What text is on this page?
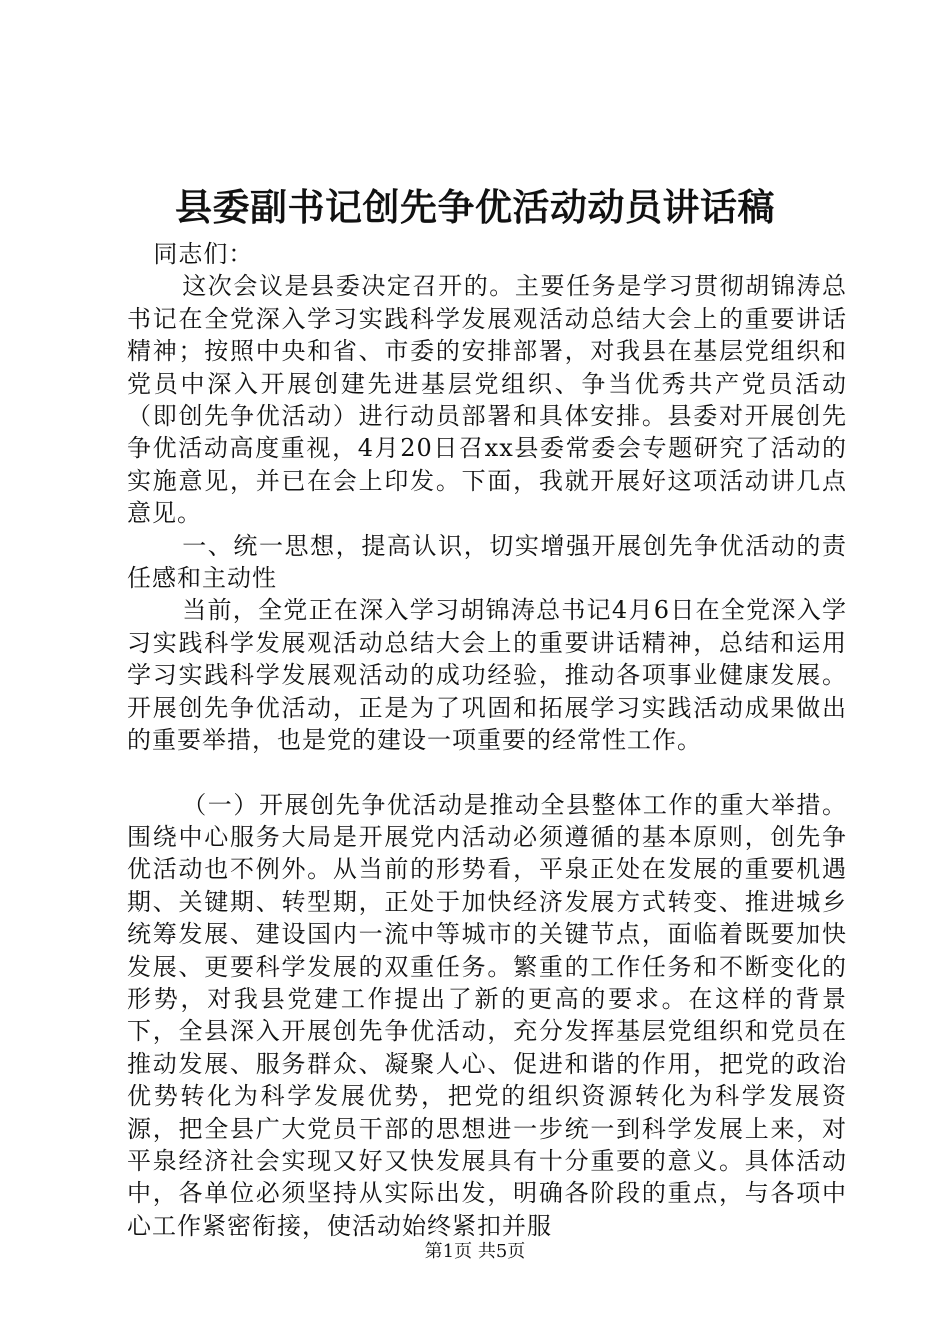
县委副书记创先争优活动动员讲话稿

同志们：

这次会议是县委决定召开的。主要任务是学习贯彻胡锦涛总书记在全党深入学习实践科学发展观活动总结大会上的重要讲话精神；按照中央和省、市委的安排部署，对我县在基层党组织和党员中深入开展创建先进基层党组织、争当优秀共产党员活动（即创先争优活动）进行动员部署和具体安排。县委对开展创先争优活动高度重视，4月20日召xx县委常委会专题研究了活动的实施意见，并已在会上印发。下面，我就开展好这项活动讲几点意见。

一、统一思想，提高认识，切实增强开展创先争优活动的责任感和主动性

当前，全党正在深入学习胡锦涛总书记4月6日在全党深入学习实践科学发展观活动总结大会上的重要讲话精神，总结和运用学习实践科学发展观活动的成功经验，推动各项事业健康发展。开展创先争优活动，正是为了巩固和拓展学习实践活动成果做出的重要举措，也是党的建设一项重要的经常性工作。

（一）开展创先争优活动是推动全县整体工作的重大举措。围绕中心服务大局是开展党内活动必须遵循的基本原则，创先争优活动也不例外。从当前的形势看，平泉正处在发展的重要机遇期、关键期、转型期，正处于加快经济发展方式转变、推进城乡统筹发展、建设国内一流中等城市的关键节点，面临着既要加快发展、更要科学发展的双重任务。繁重的工作任务和不断变化的形势，对我县党建工作提出了新的更高的要求。在这样的背景下，全县深入开展创先争优活动，充分发挥基层党组织和党员在推动发展、服务群众、凝聚人心、促进和谐的作用，把党的政治优势转化为科学发展优势，把党的组织资源转化为科学发展资源，把全县广大党员干部的思想进一步统一到科学发展上来，对平泉经济社会实现又好又快发展具有十分重要的意义。具体活动中，各单位必须坚持从实际出发，明确各阶段的重点，与各项中心工作紧密衔接，使活动始终紧扣并服

第1页 共5页
